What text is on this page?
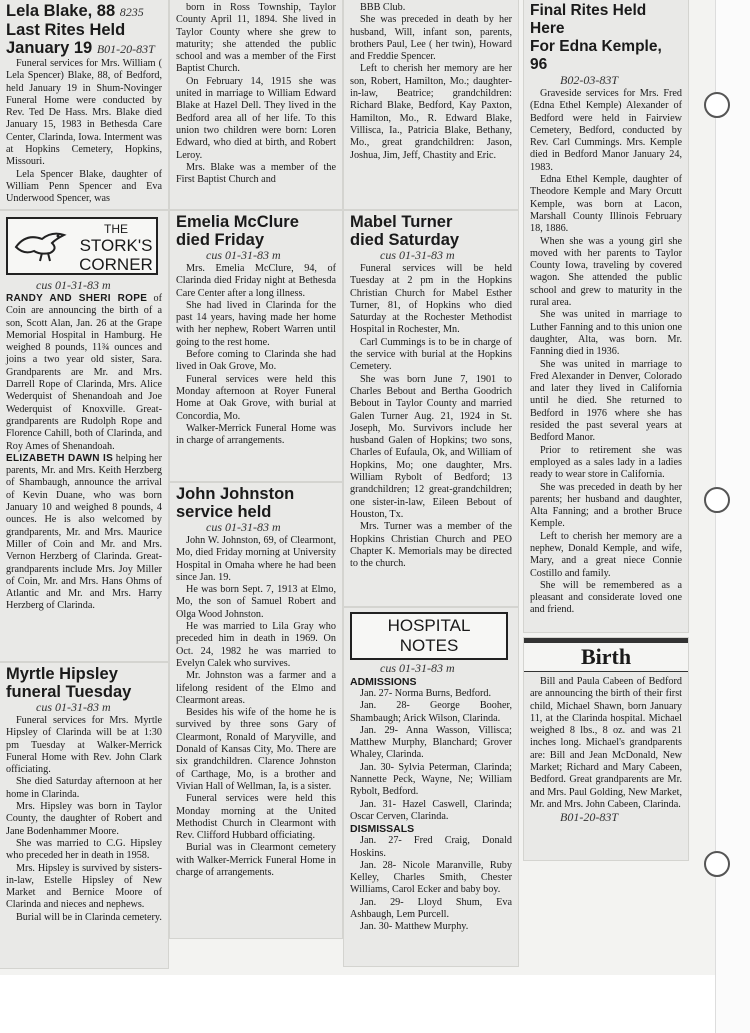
Lela Blake, 88 8235
Last Rites Held
January 19 B01-20-83T

Funeral services for Mrs. William ( Lela Spencer) Blake, 88, of Bedford, held January 19 in Shum-Novinger Funeral Home were conducted by Rev. Ted De Hass. Mrs. Blake died January 15, 1983 in Bethesda Care Center, Clarinda, Iowa. Interment was at Hopkins Cemetery, Hopkins, Missouri.

Lela Spencer Blake, daughter of William Penn Spencer and Eva Underwood Spencer, was

born in Ross Township, Taylor County April 11, 1894. She lived in Taylor County where she grew to maturity; she attended the public school and was a member of the First Baptist Church.

On February 14, 1915 she was united in marriage to William Edward Blake at Hazel Dell. They lived in the Bedford area all of her life. To this union two children were born: Loren Edward, who died at birth, and Robert Leroy.

Mrs. Blake was a member of the First Baptist Church and

BBB Club.

She was preceded in death by her husband, Will, infant son, parents, brothers Paul, Lee ( her twin), Howard and Freddie Spencer.

Left to cherish her memory are her son, Robert, Hamilton, Mo.; daughter-in-law, Beatrice; grandchildren: Richard Blake, Bedford, Kay Paxton, Hamilton, Mo., R. Edward Blake, Villisca, Ia., Patricia Blake, Bethany, Mo., great grandchildren: Jason, Joshua, Jim, Jeff, Chastity and Eric.

THE
STORK'S
CORNER
cus 01-31-83 m

RANDY AND SHERI ROPE of Coin are announcing the birth of a son, Scott Alan, Jan. 26 at the Grape Memorial Hospital in Hamburg. He weighed 8 pounds, 11¾ ounces and joins a two year old sister, Sara. Grandparents are Mr. and Mrs. Darrell Rope of Clarinda, Mrs. Alice Wederquist of Shenandoah and Joe Wederquist of Knoxville. Great-grandparents are Rudolph Rope and Florence Cahill, both of Clarinda, and Roy Ames of Shenandoah.

ELIZABETH DAWN IS helping her parents, Mr. and Mrs. Keith Herzberg of Shambaugh, announce the arrival of Kevin Duane, who was born January 10 and weighed 8 pounds, 4 ounces. He is also welcomed by grandparents, Mr. and Mrs. Maurice Miller of Coin and Mr. and Mrs. Vernon Herzberg of Clarinda. Great-grandparents include Mrs. Joy Miller of Coin, Mr. and Mrs. Hans Ohms of Atlantic and Mr. and Mrs. Harry Herzberg of Clarinda.

Myrtle Hipsley
funeral Tuesday
cus 01-31-83 m

Funeral services for Mrs. Myrtle Hipsley of Clarinda will be at 1:30 pm Tuesday at Walker-Merrick Funeral Home with Rev. John Clark officiating.

She died Saturday afternoon at her home in Clarinda.

Mrs. Hipsley was born in Taylor County, the daughter of Robert and Jane Bodenhammer Moore.

She was married to C.G. Hipsley who preceded her in death in 1958.

Mrs. Hipsley is survived by sisters-in-law, Estelle Hipsley of New Market and Bernice Moore of Clarinda and nieces and nephews.

Burial will be in Clarinda cemetery.

Emelia McClure
died Friday
cus 01-31-83 m

Mrs. Emelia McClure, 94, of Clarinda died Friday night at Bethesda Care Center after a long illness.

She had lived in Clarinda for the past 14 years, having made her home with her nephew, Robert Warren until going to the rest home.

Before coming to Clarinda she had lived in Oak Grove, Mo.

Funeral services were held this Monday afternoon at Royer Funeral Home at Oak Grove, with burial at Concordia, Mo.

Walker-Merrick Funeral Home was in charge of arrangements.

John Johnston
service held
cus 01-31-83 m

John W. Johnston, 69, of Clearmont, Mo, died Friday morning at University Hospital in Omaha where he had been since Jan. 19.

He was born Sept. 7, 1913 at Elmo, Mo, the son of Samuel Robert and Olga Wood Johnston.

He was married to Lila Gray who preceded him in death in 1969. On Oct. 24, 1982 he was married to Evelyn Calek who survives.

Mr. Johnston was a farmer and a lifelong resident of the Elmo and Clearmont areas.

Besides his wife of the home he is survived by three sons Gary of Clearmont, Ronald of Maryville, and Donald of Kansas City, Mo. There are six grandchildren. Clarence Johnston of Carthage, Mo, is a brother and Vivian Hall of Wellman, Ia, is a sister.

Funeral services were held this Monday morning at the United Methodist Church in Clearmont with Rev. Clifford Hubbard officiating.

Burial was in Clearmont cemetery with Walker-Merrick Funeral Home in charge of arrangements.

Mabel Turner
died Saturday
cus 01-31-83 m

Funeral services will be held Tuesday at 2 pm in the Hopkins Christian Church for Mabel Esther Turner, 81, of Hopkins who died Saturday at the Rochester Methodist Hospital in Rochester, Mn.

Carl Cummings is to be in charge of the service with burial at the Hopkins Cemetery.

She was born June 7, 1901 to Charles Bebout and Bertha Goodrich Bebout in Taylor County and married Galen Turner Aug. 21, 1924 in St. Joseph, Mo. Survivors include her husband Galen of Hopkins; two sons, Charles of Eufaula, Ok, and William of Hopkins, Mo; one daughter, Mrs. William Rybolt of Bedford; 13 grandchildren; 12 great-grandchildren; one sister-in-law, Eileen Bebout of Houston, Tx.

Mrs. Turner was a member of the Hopkins Christian Church and PEO Chapter K. Memorials may be directed to the church.

HOSPITAL
NOTES
cus 01-31-83 m
ADMISSIONS

Jan. 27- Norma Burns, Bedford.

Jan. 28- George Booher, Shambaugh; Arick Wilson, Clarinda.

Jan. 29- Anna Wasson, Villisca; Matthew Murphy, Blanchard; Grover Whaley, Clarinda.

Jan. 30- Sylvia Peterman, Clarinda; Nannette Peck, Wayne, Ne; William Rybolt, Bedford.

Jan. 31- Hazel Caswell, Clarinda; Oscar Cerven, Clarinda.

DISMISSALS

Jan. 27- Fred Craig, Donald Hoskins.

Jan. 28- Nicole Maranville, Ruby Kelley, Charles Smith, Chester Williams, Carol Ecker and baby boy.

Jan. 29- Lloyd Shum, Eva Ashbaugh, Lem Purcell.

Jan. 30- Matthew Murphy.

Final Rites Held Here
For Edna Kemple, 96
B02-03-83T

Graveside services for Mrs. Fred (Edna Ethel Kemple) Alexander of Bedford were held in Fairview Cemetery, Bedford, conducted by Rev. Carl Cummings. Mrs. Kemple died in Bedford Manor January 24, 1983.

Edna Ethel Kemple, daughter of Theodore Kemple and Mary Orcutt Kemple, was born at Lacon, Marshall County Illinois February 18, 1886.

When she was a young girl she moved with her parents to Taylor County Iowa, traveling by covered wagon. She attended the public school and grew to maturity in the rural area.

She was united in marriage to Luther Fanning and to this union one daughter, Alta, was born. Mr. Fanning died in 1936.

She was united in marriage to Fred Alexander in Denver, Colorado and later they lived in California until he died. She returned to Bedford in 1976 where she has resided the past several years at Bedford Manor.

Prior to retirement she was employed as a sales lady in a ladies ready to wear store in California.

She was preceded in death by her parents; her husband and daughter, Alta Fanning; and a brother Bruce Kemple.

Left to cherish her memory are a nephew, Donald Kemple, and wife, Mary, and a great niece Connie Costillo and family.

She will be remembered as a pleasant and considerate loved one and friend.

Birth

Bill and Paula Cabeen of Bedford are announcing the birth of their first child, Michael Shawn, born January 11, at the Clarinda hospital. Michael weighed 8 lbs., 8 oz. and was 21 inches long. Michael's grandparents are: Bill and Jean McDonald, New Market; Richard and Mary Cabeen, Bedford. Great grandparents are Mr. and Mrs. Paul Golding, New Market, Mr. and Mrs. John Cabeen, Clarinda.

B01-20-83T
